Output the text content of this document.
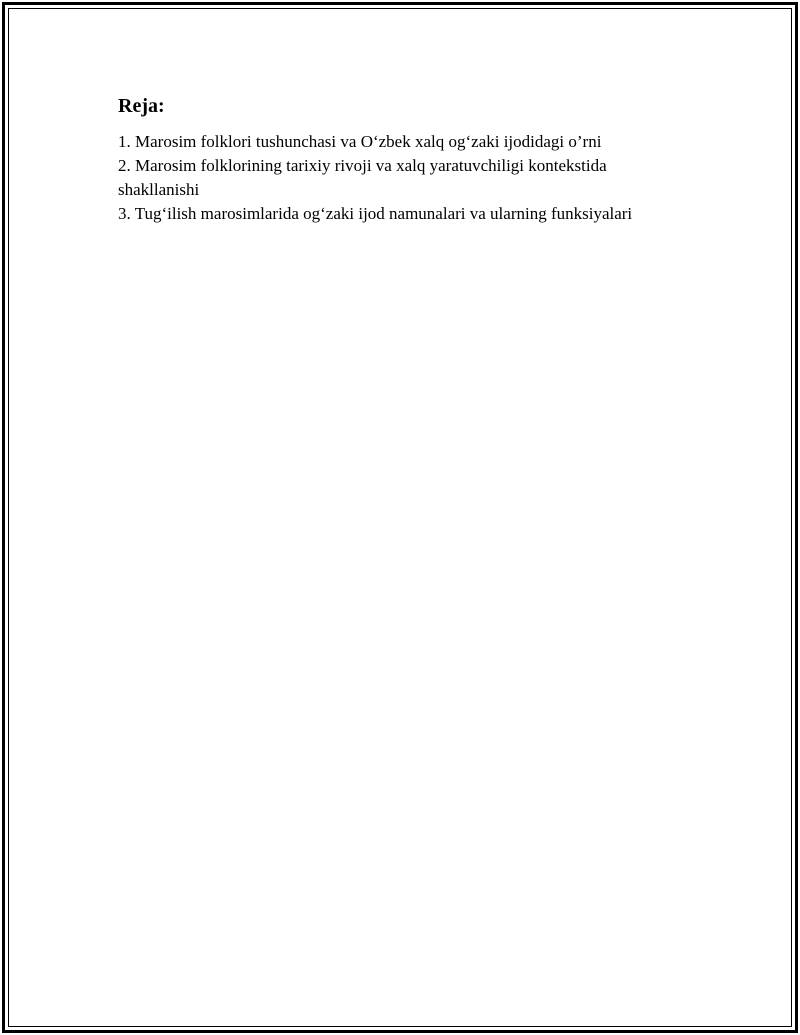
Reja:
1. Marosim folklori tushunchasi va O‘zbek xalq og‘zaki ijodidagi o’rni
2. Marosim folklorining tarixiy rivoji va xalq yaratuvchiligi kontekstida shakllanishi
3. Tug‘ilish marosimlarida og‘zaki ijod namunalari va ularning funksiyalari
